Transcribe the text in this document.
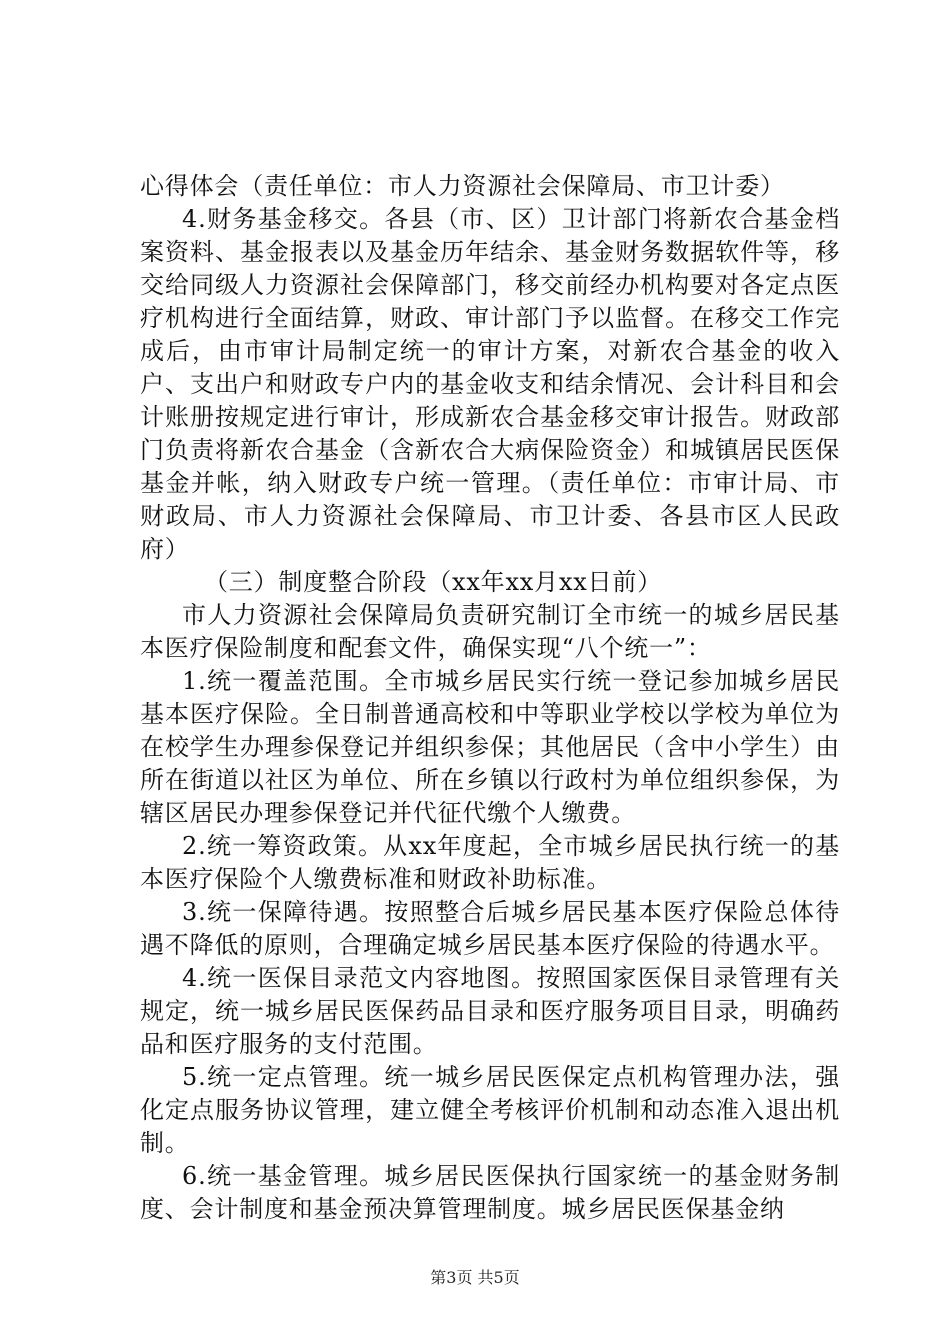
心得体会（责任单位：市人力资源社会保障局、市卫计委）

4.财务基金移交。各县（市、区）卫计部门将新农合基金档案资料、基金报表以及基金历年结余、基金财务数据软件等，移交给同级人力资源社会保障部门，移交前经办机构要对各定点医疗机构进行全面结算，财政、审计部门予以监督。在移交工作完成后，由市审计局制定统一的审计方案，对新农合基金的收入户、支出户和财政专户内的基金收支和结余情况、会计科目和会计账册按规定进行审计，形成新农合基金移交审计报告。财政部门负责将新农合基金（含新农合大病保险资金）和城镇居民医保基金并帐，纳入财政专户统一管理。（责任单位：市审计局、市财政局、市人力资源社会保障局、市卫计委、各县市区人民政府）

（三）制度整合阶段（xx年xx月xx日前）

市人力资源社会保障局负责研究制订全市统一的城乡居民基本医疗保险制度和配套文件，确保实现“八个统一”：

1.统一覆盖范围。全市城乡居民实行统一登记参加城乡居民基本医疗保险。全日制普通高校和中等职业学校以学校为单位为在校学生办理参保登记并组织参保；其他居民（含中小学生）由所在街道以社区为单位、所在乡镇以行政村为单位组织参保，为辖区居民办理参保登记并代征代缴个人缴费。

2.统一筹资政策。从xx年度起，全市城乡居民执行统一的基本医疗保险个人缴费标准和财政补助标准。

3.统一保障待遇。按照整合后城乡居民基本医疗保险总体待遇不降低的原则，合理确定城乡居民基本医疗保险的待遇水平。

4.统一医保目录范文内容地图。按照国家医保目录管理有关规定，统一城乡居民医保药品目录和医疗服务项目目录，明确药品和医疗服务的支付范围。

5.统一定点管理。统一城乡居民医保定点机构管理办法，强化定点服务协议管理，建立健全考核评价机制和动态准入退出机制。

6.统一基金管理。城乡居民医保执行国家统一的基金财务制度、会计制度和基金预决算管理制度。城乡居民医保基金纳

第3页 共5页
